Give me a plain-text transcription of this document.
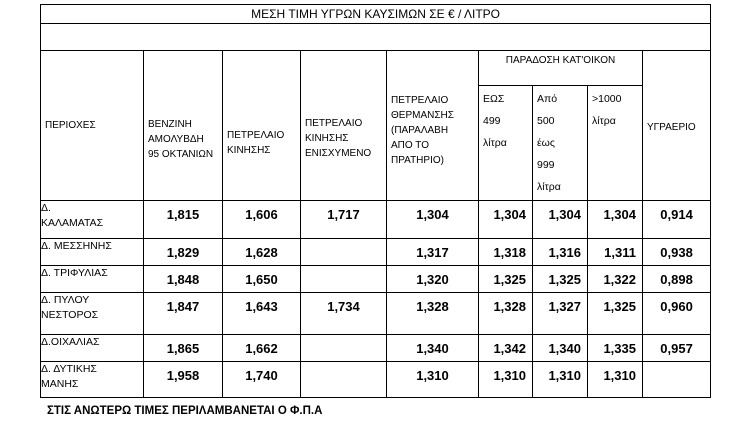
ΜΕΣΗ ΤΙΜΗ ΥΓΡΩΝ ΚΑΥΣΙΜΩΝ ΣΕ € / ΛΙΤΡΟ								

ΠΕΡΙΟΧΕΣ	ΒΕΝΖΙΝΗ
ΑΜΟΛΥΒΔΗ
95 ΟΚΤΑΝΙΩΝ	ΠΕΤΡΕΛΑΙΟ
ΚΙΝΗΣΗΣ	ΠΕΤΡΕΛΑΙΟ
ΚΙΝΗΣΗΣ
ΕΝΙΣΧΥΜΕΝΟ	ΠΕΤΡΕΛΑΙΟ
ΘΕΡΜΑΝΣΗΣ
(ΠΑΡΑΛΑΒΗ
ΑΠΟ ΤΟ
ΠΡΑΤΗΡΙΟ)	ΠΑΡΑΔΟΣΗ ΚΑΤ'ΟΙΚΟΝ			ΥΓΡΑΕΡΙΟ

					ΕΩΣ
499
λίτρα	Από
500
έως
999
λίτρα	>1000
λίτρα	

Δ.
ΚΑΛΑΜΑΤΑΣ	1,815	1,606	1,717	1,304	1,304	1,304	1,304	0,914

Δ. ΜΕΣΣΗΝΗΣ	1,829	1,628		1,317	1,318	1,316	1,311	0,938

Δ. ΤΡΙΦΥΛΙΑΣ	1,848	1,650		1,320	1,325	1,325	1,322	0,898

Δ. ΠΥΛΟΥ
ΝΕΣΤΟΡΟΣ	1,847	1,643	1,734	1,328	1,328	1,327	1,325	0,960

Δ.ΟΙΧΑΛΙΑΣ	1,865	1,662		1,340	1,342	1,340	1,335	0,957

Δ. ΔΥΤΙΚΗΣ
ΜΑΝΗΣ	1,958	1,740		1,310	1,310	1,310	1,310	
ΣΤΙΣ ΑΝΩΤΕΡΩ ΤΙΜΕΣ ΠΕΡΙΛΑΜΒΑΝΕΤΑΙ Ο Φ.Π.Α
